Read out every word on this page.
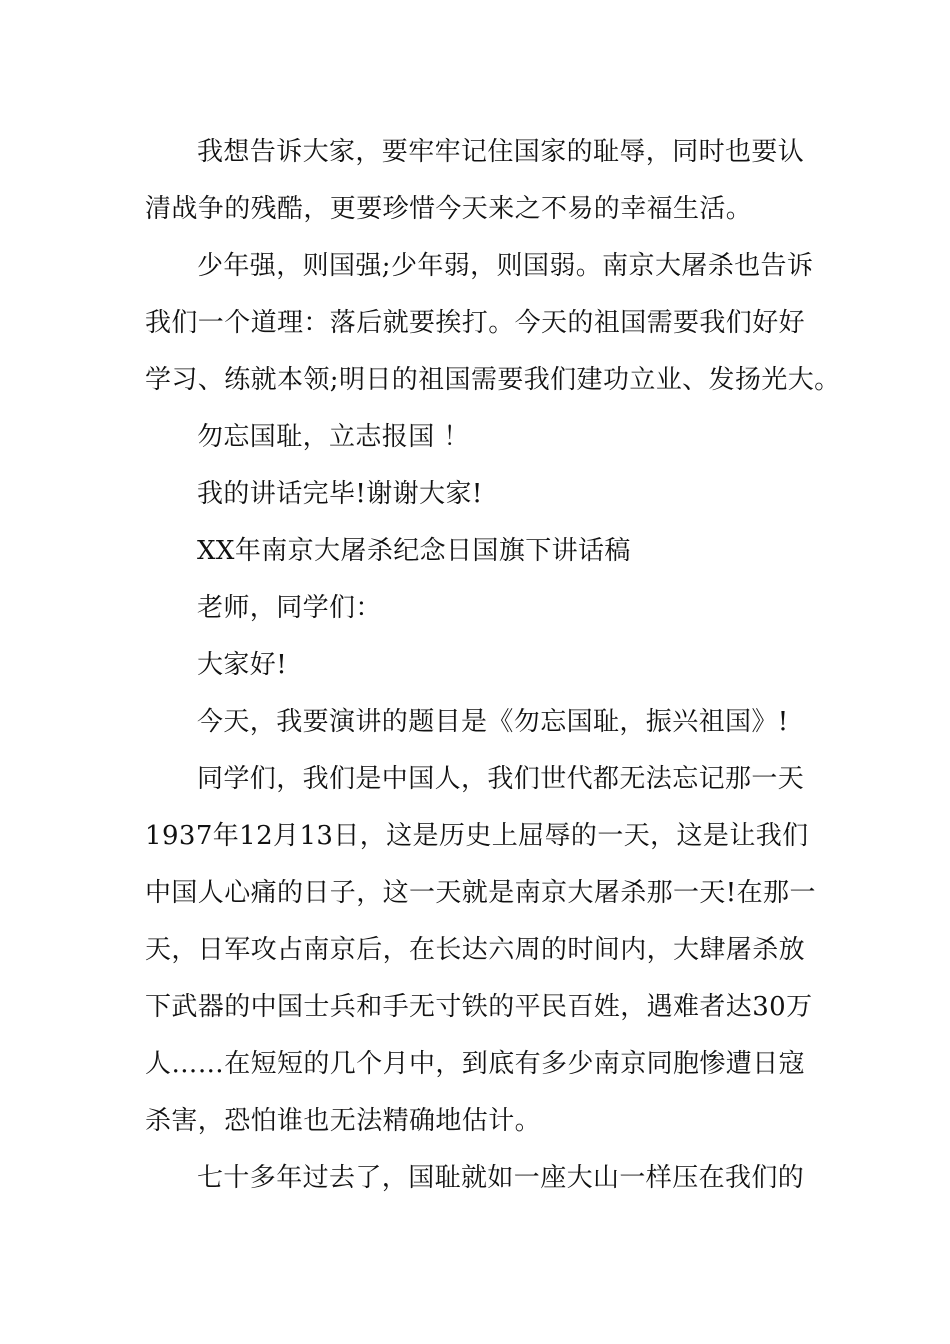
我想告诉大家，要牢牢记住国家的耻辱，同时也要认
清战争的残酷，更要珍惜今天来之不易的幸福生活。
少年强，则国强;少年弱，则国弱。南京大屠杀也告诉
我们一个道理：落后就要挨打。今天的祖国需要我们好好
学习、练就本领;明日的祖国需要我们建功立业、发扬光大。
勿忘国耻，立志报国 ！
我的讲话完毕!谢谢大家!
XX年南京大屠杀纪念日国旗下讲话稿
老师，同学们：
大家好!
今天，我要演讲的题目是《勿忘国耻，振兴祖国》!
同学们，我们是中国人，我们世代都无法忘记那一天
1937年12月13日，这是历史上屈辱的一天，这是让我们
中国人心痛的日子，这一天就是南京大屠杀那一天!在那一
天，日军攻占南京后，在长达六周的时间内，大肆屠杀放
下武器的中国士兵和手无寸铁的平民百姓，遇难者达30万
人……在短短的几个月中，到底有多少南京同胞惨遭日寇
杀害，恐怕谁也无法精确地估计。
七十多年过去了，国耻就如一座大山一样压在我们的
